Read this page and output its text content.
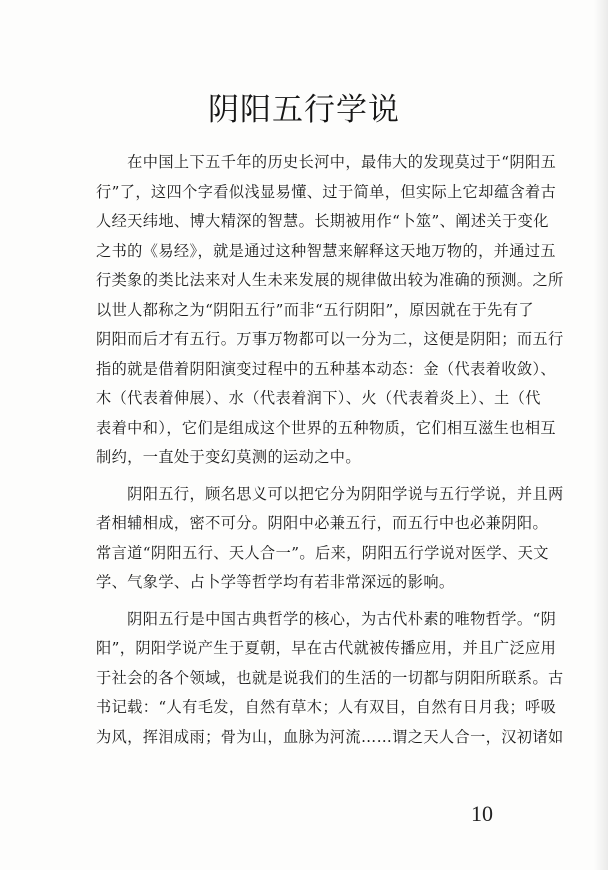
阴阳五行学说

　　在中国上下五千年的历史长河中，最伟大的发现莫过于“阴阳五
行”了，这四个字看似浅显易懂、过于简单，但实际上它却蕴含着古
人经天纬地、博大精深的智慧。长期被用作“卜筮”、阐述关于变化
之书的《易经》，就是通过这种智慧来解释这天地万物的，并通过五
行类象的类比法来对人生未来发展的规律做出较为准确的预测。之所
以世人都称之为“阴阳五行”而非“五行阴阳”，原因就在于先有了
阴阳而后才有五行。万事万物都可以一分为二，这便是阴阳；而五行
指的就是借着阴阳演变过程中的五种基本动态：金（代表着收敛）、
木（代表着伸展）、水（代表着润下）、火（代表着炎上）、土（代
表着中和），它们是组成这个世界的五种物质，它们相互滋生也相互
制约，一直处于变幻莫测的运动之中。

　　阴阳五行，顾名思义可以把它分为阴阳学说与五行学说，并且两
者相辅相成，密不可分。阴阳中必兼五行，而五行中也必兼阴阳。
常言道“阴阳五行、天人合一”。后来，阴阳五行学说对医学、天文
学、气象学、占卜学等哲学均有若非常深远的影响。

　　阴阳五行是中国古典哲学的核心，为古代朴素的唯物哲学。“阴
阳”，阴阳学说产生于夏朝，早在古代就被传播应用，并且广泛应用
于社会的各个领域，也就是说我们的生活的一切都与阴阳所联系。古
书记载：“人有毛发，自然有草木；人有双目，自然有日月我；呼吸
为风，挥泪成雨；骨为山，血脉为河流……谓之天人合一，汉初诸如

10
